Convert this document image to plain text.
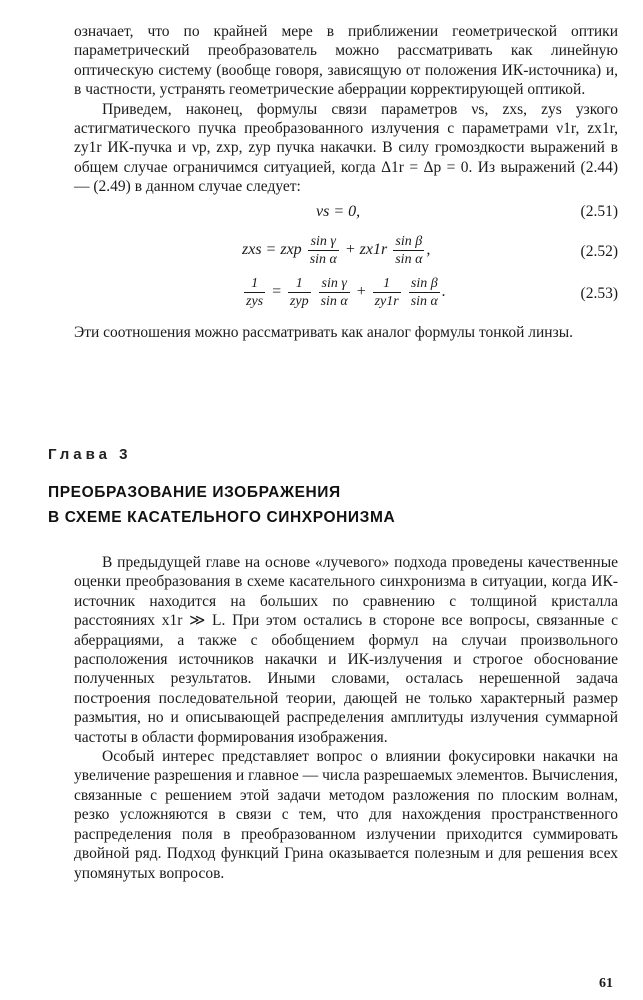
означает, что по крайней мере в приближении геометрической оптики параметрический преобразователь можно рассматривать как линейную оптическую систему (вообще говоря, зависящую от положения ИК-источника) и, в частности, устранять геометрические аберрации корректирующей оптикой.

Приведем, наконец, формулы связи параметров νs, zxs, zys узкого астигматического пучка преобразованного излучения с параметрами ν1r, zx1r, zy1r ИК-пучка и νp, zxp, zyp пучка накачки. В силу громоздкости выражений в общем случае ограничимся ситуацией, когда Δ1r = Δp = 0. Из выражений (2.44) — (2.49) в данном случае следует:

νs = 0,	(2.51)
zxs = zxp $\frac{\text{sin γ}}{\text{sin α}} + zx1r \frac{\text{sin β}}{\text{sin α}}$ ,	(2.52)
$\frac{1}{\text{zys}} = \frac{1}{\text{zyp}}$
$\frac{\text{sin γ}}{\text{sin α}} + \frac{1}{zy1r}$
$\frac{\text{sin β}}{\text{sin α}}$ .	(2.53)

Эти соотношения можно рассматривать как аналог формулы тонкой линзы.

Глава 3
ПРЕОБРАЗОВАНИЕ ИЗОБРАЖЕНИЯ
В СХЕМЕ КАСАТЕЛЬНОГО СИНХРОНИЗМА

В предыдущей главе на основе «лучевого» подхода проведены качественные оценки преобразования в схеме касательного синхронизма в ситуации, когда ИК-источник находится на больших по сравнению с толщиной кристалла расстояниях x1r ≫ L. При этом остались в стороне все вопросы, связанные с аберрациями, а также с обобщением формул на случаи произвольного расположения источников накачки и ИК-излучения и строгое обоснование полученных результатов. Иными словами, осталась нерешенной задача построения последовательной теории, дающей не только характерный размер размытия, но и описывающей распределения амплитуды излучения суммарной частоты в области формирования изображения.

Особый интерес представляет вопрос о влиянии фокусировки накачки на увеличение разрешения и главное — числа разрешаемых элементов. Вычисления, связанные с решением этой задачи методом разложения по плоским волнам, резко усложняются в связи с тем, что для нахождения пространственного распределения поля в преобразованном излучении приходится суммировать двойной ряд. Подход функций Грина оказывается полезным и для решения всех упомянутых вопросов.

61
